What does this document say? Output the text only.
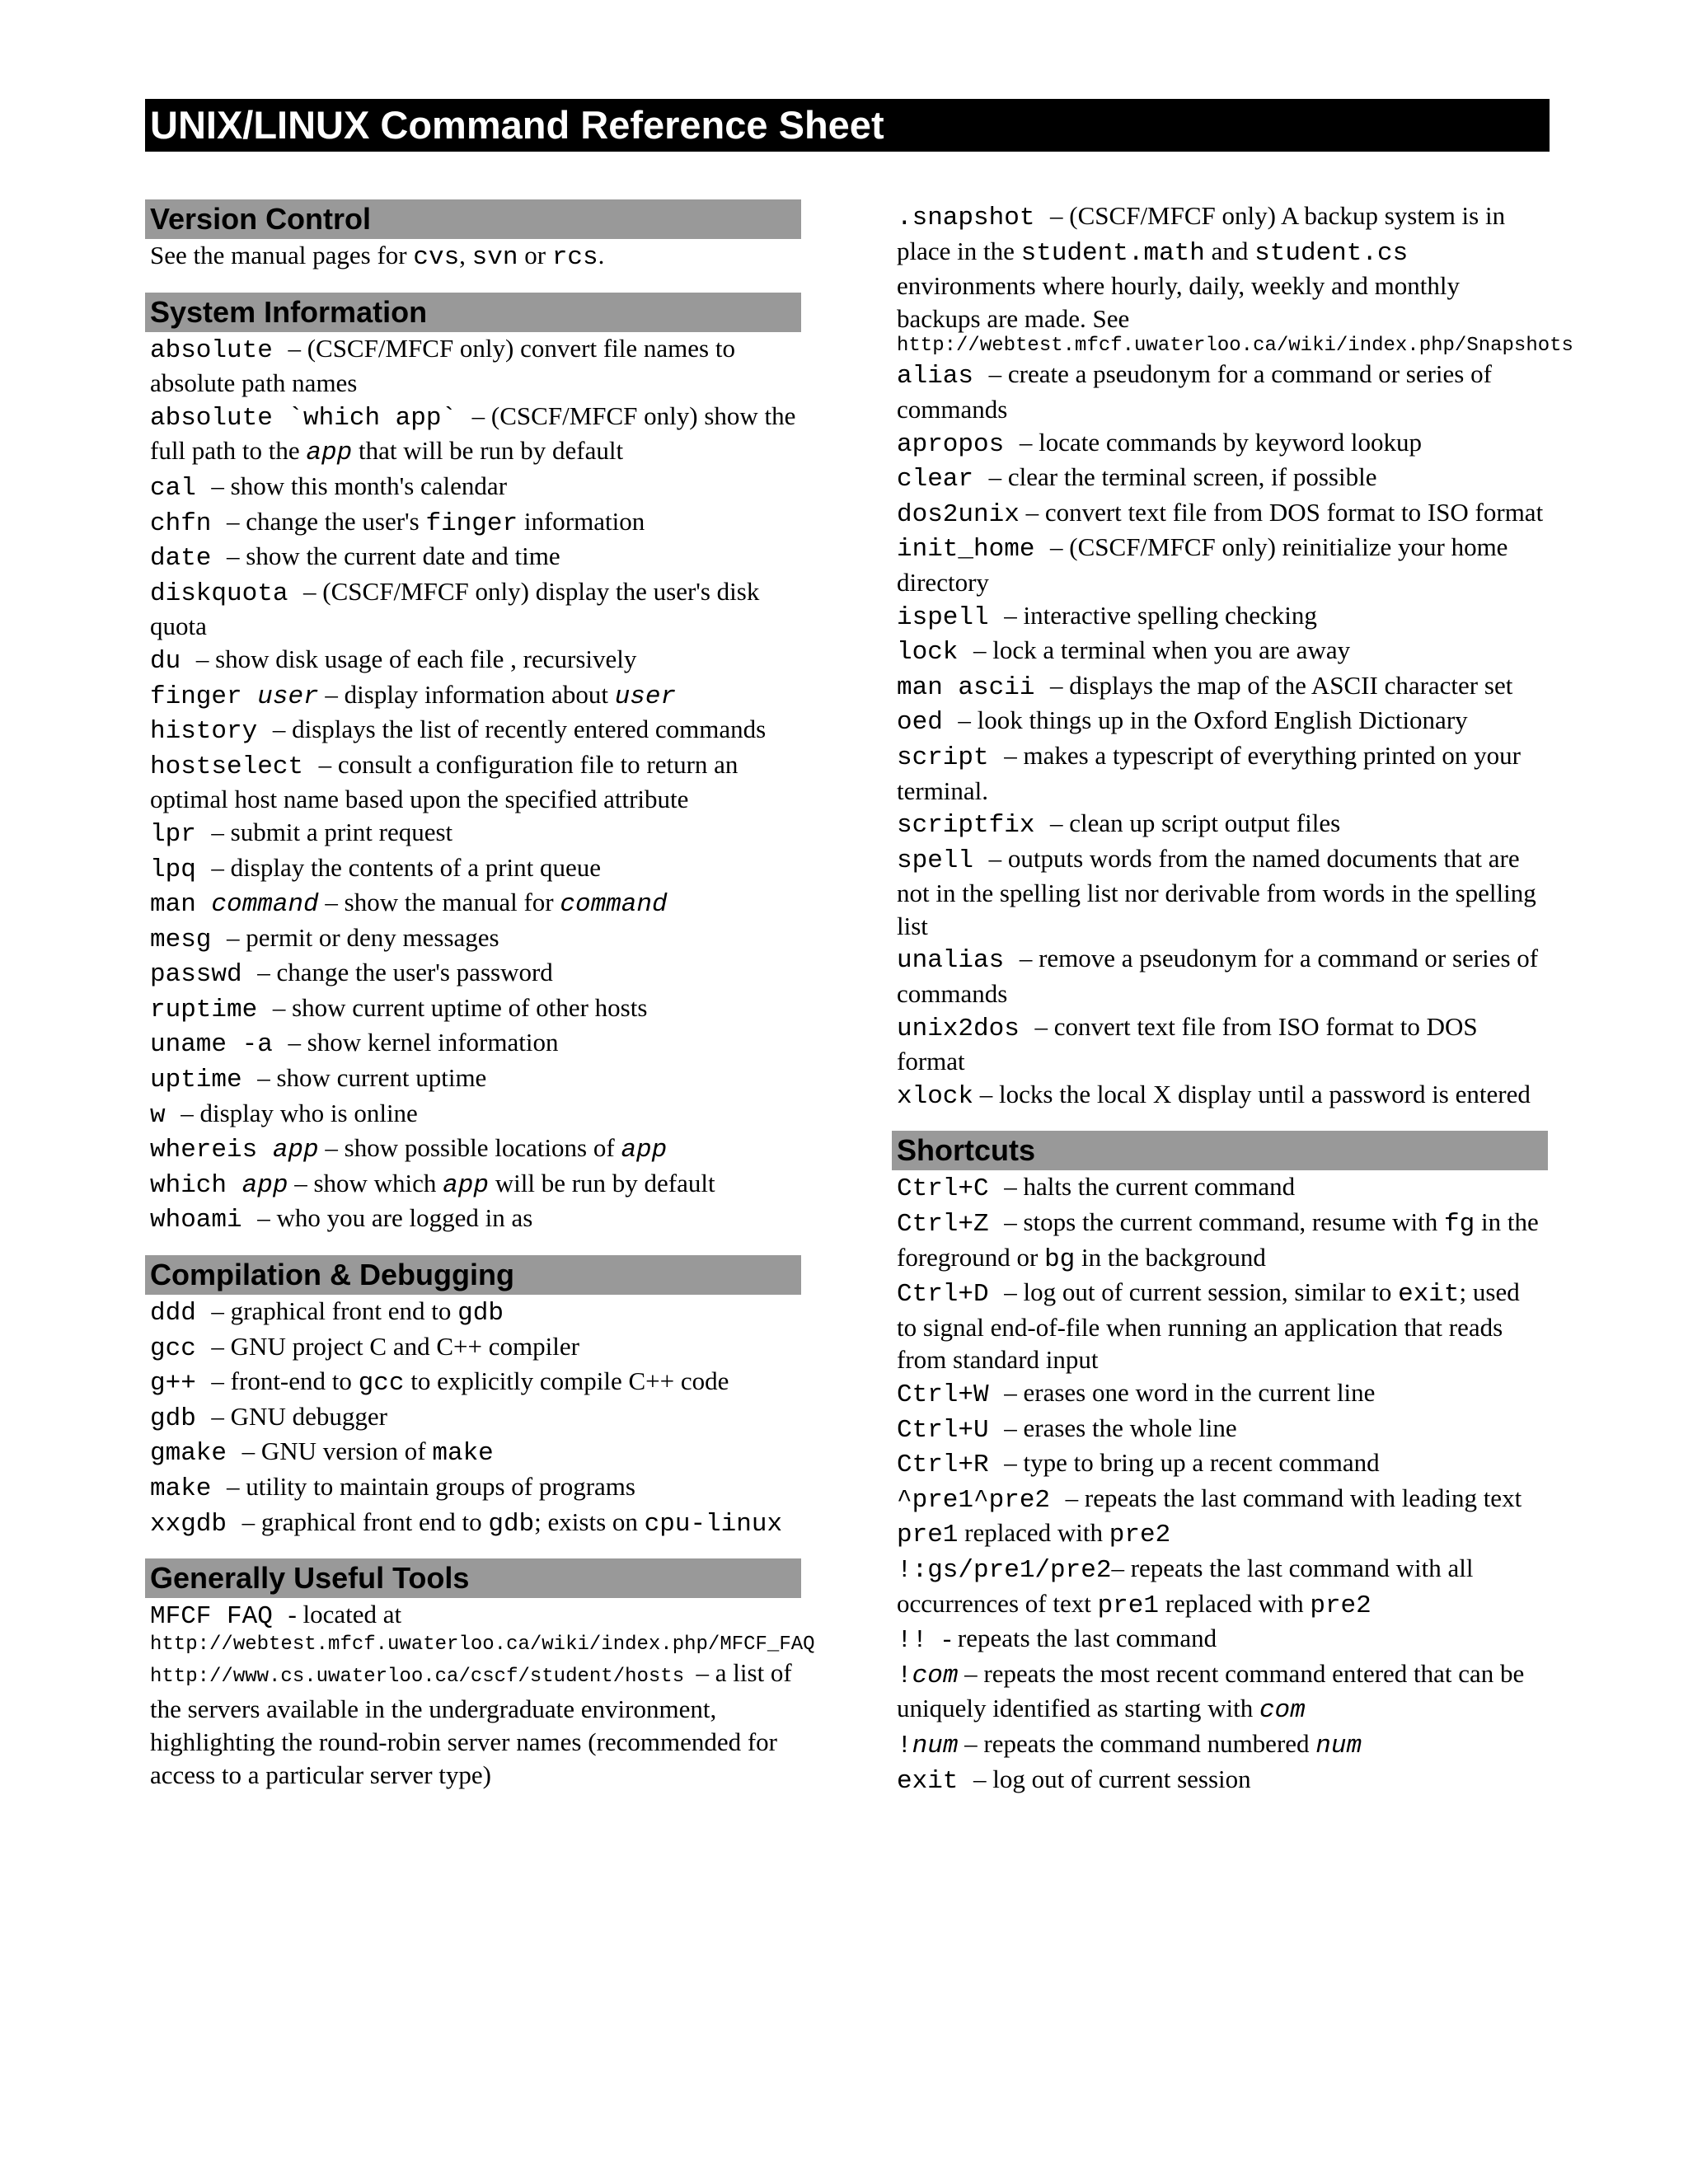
UNIX/LINUX Command Reference Sheet
Version Control
See the manual pages for cvs, svn or rcs.
System Information
absolute – (CSCF/MFCF only) convert file names to absolute path names
absolute `which app` – (CSCF/MFCF only) show the full path to the app that will be run by default
cal – show this month's calendar
chfn – change the user's finger information
date – show the current date and time
diskquota – (CSCF/MFCF only) display the user's disk quota
du – show disk usage of each file , recursively
finger user – display information about user
history – displays the list of recently entered commands
hostselect – consult a configuration file to return an optimal host name based upon the specified attribute
lpr – submit a print request
lpq – display the contents of a print queue
man command – show the manual for command
mesg – permit or deny messages
passwd – change the user's password
ruptime – show current uptime of other hosts
uname -a – show kernel information
uptime – show current uptime
w – display who is online
whereis app – show possible locations of app
which app – show which app will be run by default
whoami – who you are logged in as
Compilation & Debugging
ddd – graphical front end to gdb
gcc – GNU project C and C++ compiler
g++ – front-end to gcc to explicitly compile C++ code
gdb – GNU debugger
gmake – GNU version of make
make – utility to maintain groups of programs
xxgdb – graphical front end to gdb; exists on cpu-linux
Generally Useful Tools
MFCF FAQ - located at
http://webtest.mfcf.uwaterloo.ca/wiki/index.php/MFCF_FAQ
http://www.cs.uwaterloo.ca/cscf/student/hosts – a list of the servers available in the undergraduate environment, highlighting the round-robin server names (recommended for access to a particular server type)
.snapshot – (CSCF/MFCF only) A backup system is in place in the student.math and student.cs environments where hourly, daily, weekly and monthly backups are made. See
http://webtest.mfcf.uwaterloo.ca/wiki/index.php/Snapshots
alias – create a pseudonym for a command or series of commands
apropos – locate commands by keyword lookup
clear – clear the terminal screen, if possible
dos2unix – convert text file from DOS format to ISO format
init_home – (CSCF/MFCF only) reinitialize your home directory
ispell – interactive spelling checking
lock – lock a terminal when you are away
man ascii – displays the map of the ASCII character set
oed – look things up in the Oxford English Dictionary
script – makes a typescript of everything printed on your terminal.
scriptfix – clean up script output files
spell – outputs words from the named documents that are not in the spelling list nor derivable from words in the spelling list
unalias – remove a pseudonym for a command or series of commands
unix2dos – convert text file from ISO format to DOS format
xlock – locks the local X display until a password is entered
Shortcuts
Ctrl+C – halts the current command
Ctrl+Z – stops the current command, resume with fg in the foreground or bg in the background
Ctrl+D – log out of current session, similar to exit; used to signal end-of-file when running an application that reads from standard input
Ctrl+W – erases one word in the current line
Ctrl+U – erases the whole line
Ctrl+R – type to bring up a recent command
^pre1^pre2 – repeats the last command with leading text pre1 replaced with pre2
!:gs/pre1/pre2– repeats the last command with all occurrences of text pre1 replaced with pre2
!! - repeats the last command
!com – repeats the most recent command entered that can be uniquely identified as starting with com
!num – repeats the command numbered num
exit – log out of current session
